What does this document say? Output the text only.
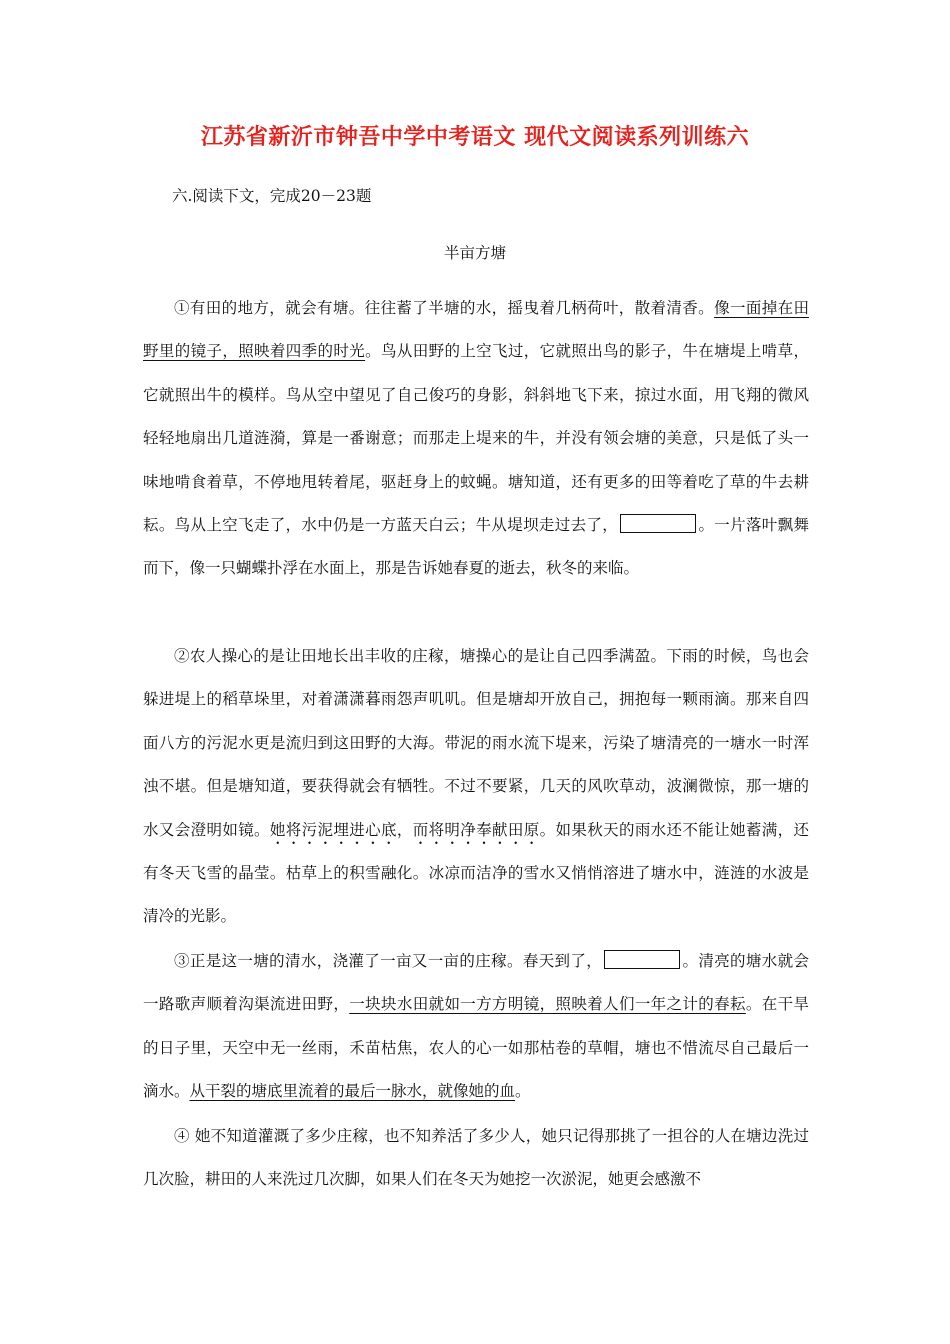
江苏省新沂市钟吾中学中考语文 现代文阅读系列训练六
六.阅读下文，完成20－23题
半亩方塘

①有田的地方，就会有塘。往往蓄了半塘的水，摇曳着几柄荷叶，散着清香。像一面掉在田野里的镜子，照映着四季的时光。鸟从田野的上空飞过，它就照出鸟的影子，牛在塘堤上啃草，它就照出牛的模样。鸟从空中望见了自己俊巧的身影，斜斜地飞下来，掠过水面，用飞翔的微风轻轻地扇出几道涟漪，算是一番谢意；而那走上堤来的牛，并没有领会塘的美意，只是低了头一味地啃食着草，不停地甩转着尾，驱赶身上的蚊蝇。塘知道，还有更多的田等着吃了草的牛去耕耘。鸟从上空飞走了，水中仍是一方蓝天白云；牛从堤坝走过去了，	。一片落叶飘舞而下，像一只蝴蝶扑浮在水面上，那是告诉她春夏的逝去，秋冬的来临。

②农人操心的是让田地长出丰收的庄稼，塘操心的是让自己四季满盈。下雨的时候，鸟也会躲进堤上的稻草垛里，对着潇潇暮雨怨声叽叽。但是塘却开放自己，拥抱每一颗雨滴。那来自四面八方的污泥水更是流归到这田野的大海。带泥的雨水流下堤来，污染了塘清亮的一塘水一时浑浊不堪。但是塘知道，要获得就会有牺牲。不过不要紧，几天的风吹草动，波澜微惊，那一塘的水又会澄明如镜。她将污泥埋进心底，而将明净奉献田原。如果秋天的雨水还不能让她蓄满，还有冬天飞雪的晶莹。枯草上的积雪融化。冰凉而洁净的雪水又悄悄溶进了塘水中，涟涟的水波是清冷的光影。

③正是这一塘的清水，浇灌了一亩又一亩的庄稼。春天到了，	。清亮的塘水就会一路歌声顺着沟渠流进田野，一块块水田就如一方方明镜，照映着人们一年之计的春耘。在干旱的日子里，天空中无一丝雨，禾苗枯焦，农人的心一如那枯卷的草帽，塘也不惜流尽自己最后一滴水。从干裂的塘底里流着的最后一脉水，就像她的血。

④ 她不知道灌溉了多少庄稼，也不知养活了多少人，她只记得那挑了一担谷的人在塘边洗过几次脸，耕田的人来洗过几次脚，如果人们在冬天为她挖一次淤泥，她更会感激不
